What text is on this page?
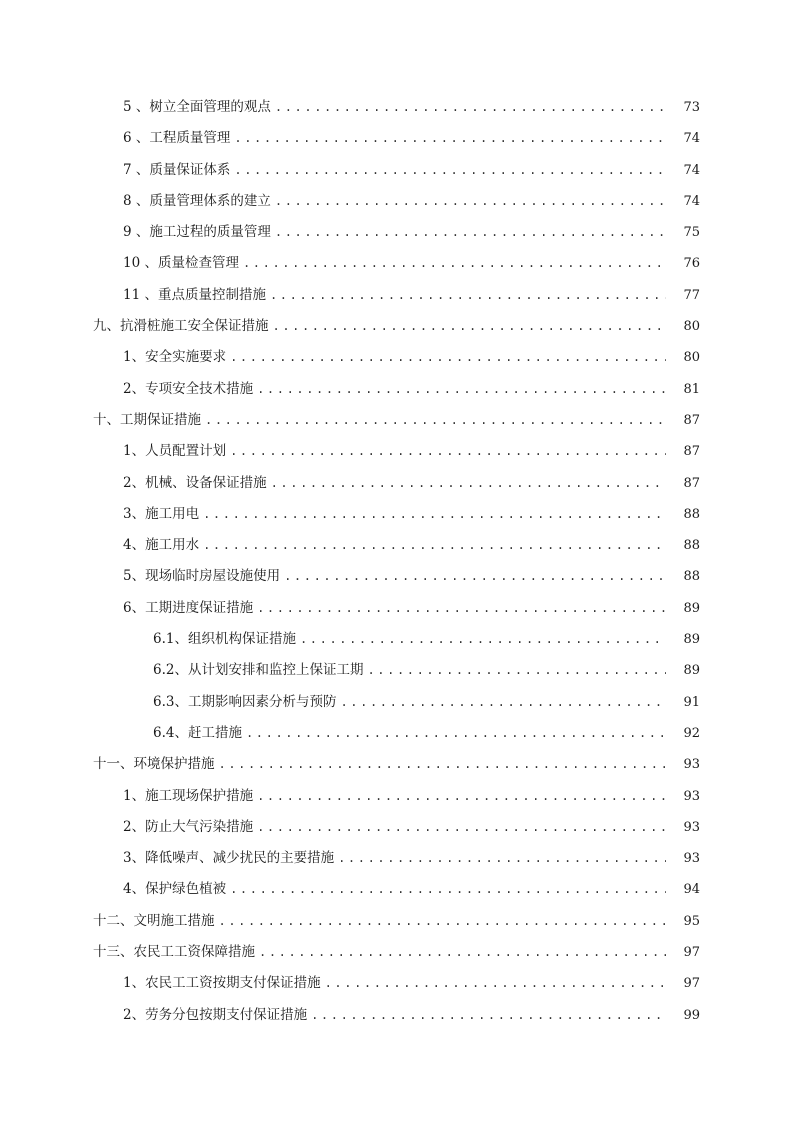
5 、树立全面管理的观点 .....	73
6 、工程质量管理 .....	74
7 、质量保证体系 .....	74
8 、质量管理体系的建立 .....	74
9 、施工过程的质量管理 .....	75
10 、质量检查管理 .....	76
11 、重点质量控制措施 .....	77
九、抗滑桩施工安全保证措施 .....	80
1、安全实施要求 .....	80
2、专项安全技术措施 .....	81
十、工期保证措施 .....	87
1、人员配置计划 .....	87
2、机械、设备保证措施 .....	87
3、施工用电 .....	88
4、施工用水 .....	88
5、现场临时房屋设施使用 .....	88
6、工期进度保证措施 .....	89
6.1、组织机构保证措施 .....	89
6.2、从计划安排和监控上保证工期 .....	89
6.3、工期影响因素分析与预防 .....	91
6.4、赶工措施 .....	92
十一、环境保护措施 .....	93
1、施工现场保护措施 .....	93
2、防止大气污染措施 .....	93
3、降低噪声、减少扰民的主要措施 .....	93
4、保护绿色植被 .....	94
十二、文明施工措施 .....	95
十三、农民工工资保障措施 .....	97
1、农民工工资按期支付保证措施 .....	97
2、劳务分包按期支付保证措施 .....	99
